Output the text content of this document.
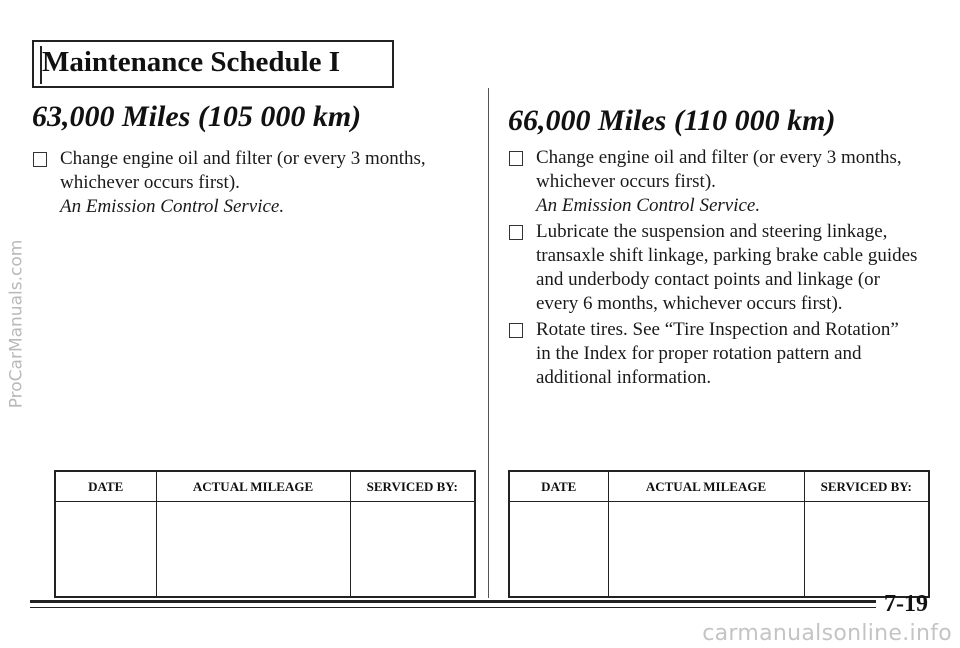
ProCarManuals.com
Maintenance Schedule I
63,000 Miles (105 000 km)
Change engine oil and filter (or every 3 months, whichever occurs first).
An Emission Control Service.
DATE	ACTUAL MILEAGE	SERVICED BY:

66,000 Miles (110 000 km)
Change engine oil and filter (or every 3 months, whichever occurs first).
An Emission Control Service.
Lubricate the suspension and steering linkage, transaxle shift linkage, parking brake cable guides and underbody contact points and linkage (or every 6 months, whichever occurs first).
Rotate tires. See “Tire Inspection and Rotation” in the Index for proper rotation pattern and additional information.
DATE	ACTUAL MILEAGE	SERVICED BY:

7-19
carmanualsonline.info
